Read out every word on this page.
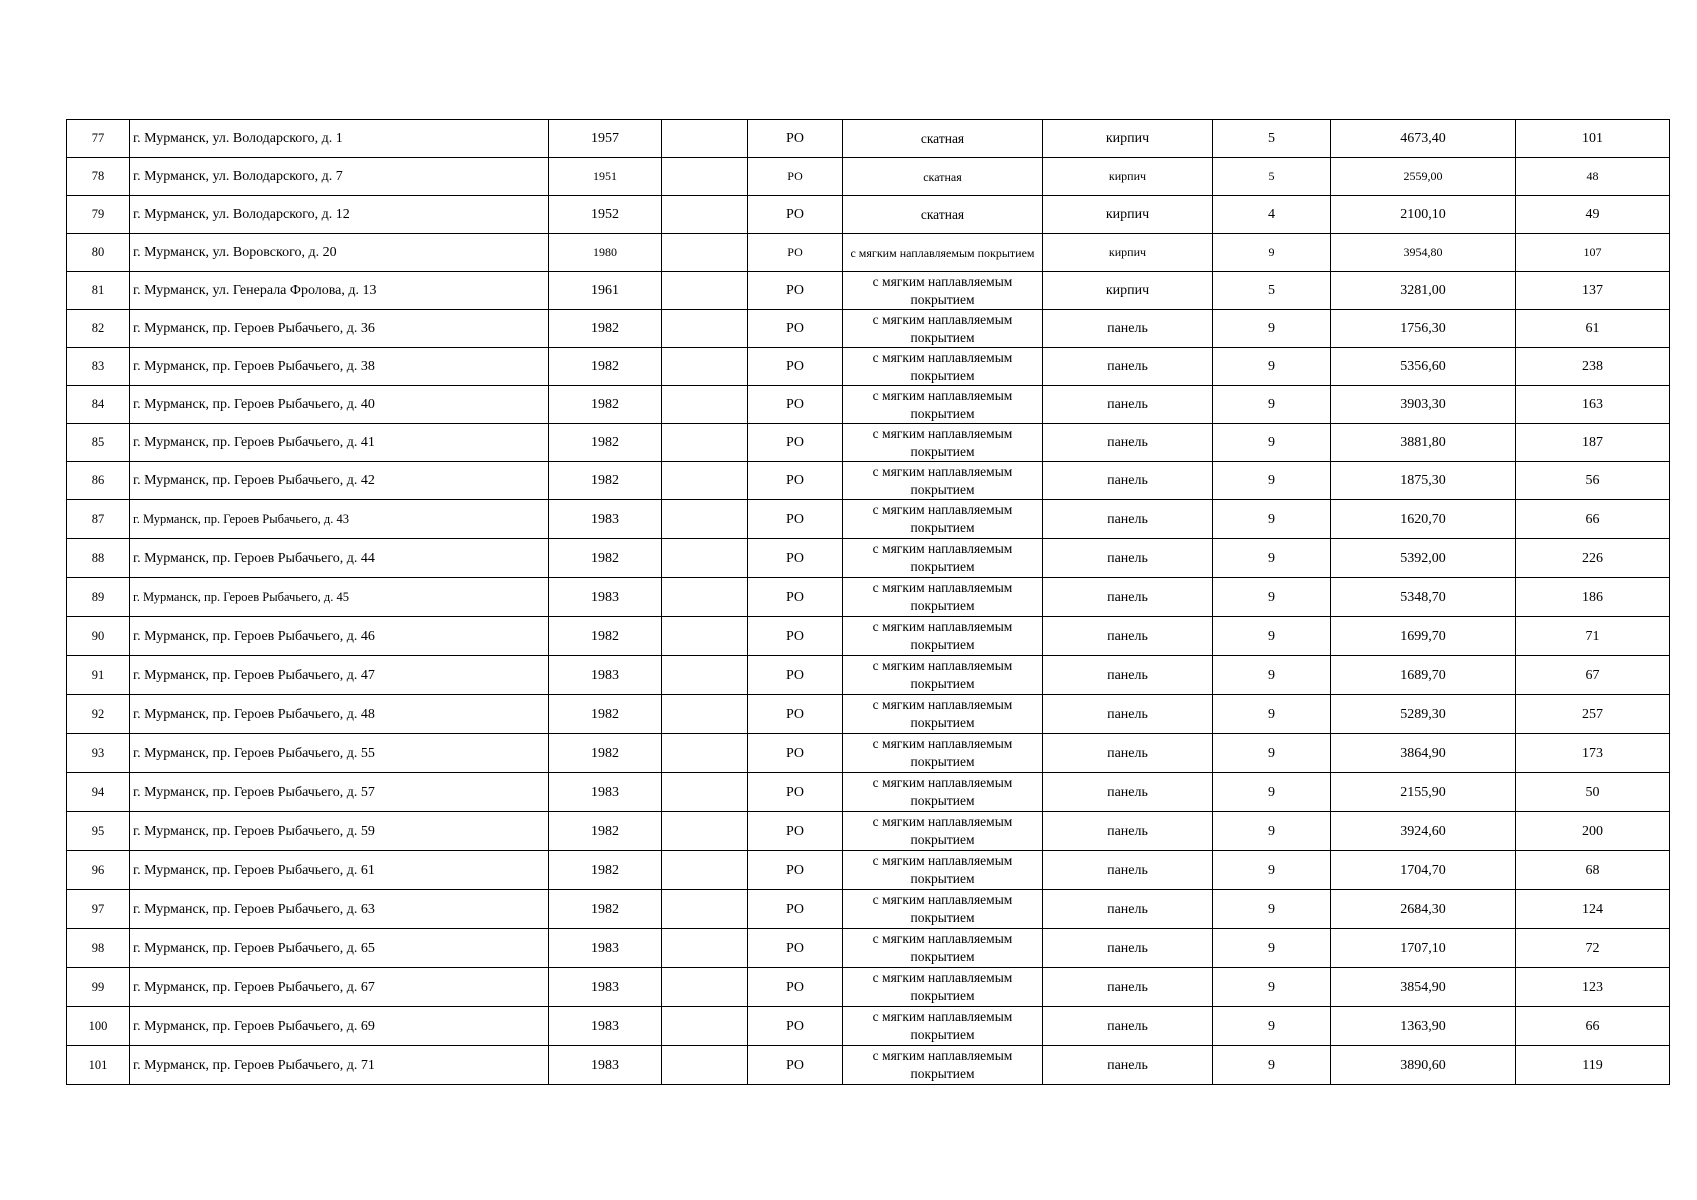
77	г. Мурманск, ул. Володарского, д. 1	1957		РО	скатная	кирпич	5	4673,40	101
78	г. Мурманск, ул. Володарского, д. 7	1951		РО	скатная	кирпич	5	2559,00	48
79	г. Мурманск, ул. Володарского, д. 12	1952		РО	скатная	кирпич	4	2100,10	49
80	г. Мурманск, ул. Воровского, д. 20	1980		РО	с мягким наплавляемым покрытием	кирпич	9	3954,80	107
81	г. Мурманск, ул. Генерала Фролова, д. 13	1961		РО	с мягким наплавляемым покрытием	кирпич	5	3281,00	137
82	г. Мурманск, пр. Героев Рыбачьего, д. 36	1982		РО	с мягким наплавляемым покрытием	панель	9	1756,30	61
83	г. Мурманск, пр. Героев Рыбачьего, д. 38	1982		РО	с мягким наплавляемым покрытием	панель	9	5356,60	238
84	г. Мурманск, пр. Героев Рыбачьего, д. 40	1982		РО	с мягким наплавляемым покрытием	панель	9	3903,30	163
85	г. Мурманск, пр. Героев Рыбачьего, д. 41	1982		РО	с мягким наплавляемым покрытием	панель	9	3881,80	187
86	г. Мурманск, пр. Героев Рыбачьего, д. 42	1982		РО	с мягким наплавляемым покрытием	панель	9	1875,30	56
87	г. Мурманск, пр. Героев Рыбачьего, д. 43	1983		РО	с мягким наплавляемым покрытием	панель	9	1620,70	66
88	г. Мурманск, пр. Героев Рыбачьего, д. 44	1982		РО	с мягким наплавляемым покрытием	панель	9	5392,00	226
89	г. Мурманск, пр. Героев Рыбачьего, д. 45	1983		РО	с мягким наплавляемым покрытием	панель	9	5348,70	186
90	г. Мурманск, пр. Героев Рыбачьего, д. 46	1982		РО	с мягким наплавляемым покрытием	панель	9	1699,70	71
91	г. Мурманск, пр. Героев Рыбачьего, д. 47	1983		РО	с мягким наплавляемым покрытием	панель	9	1689,70	67
92	г. Мурманск, пр. Героев Рыбачьего, д. 48	1982		РО	с мягким наплавляемым покрытием	панель	9	5289,30	257
93	г. Мурманск, пр. Героев Рыбачьего, д. 55	1982		РО	с мягким наплавляемым покрытием	панель	9	3864,90	173
94	г. Мурманск, пр. Героев Рыбачьего, д. 57	1983		РО	с мягким наплавляемым покрытием	панель	9	2155,90	50
95	г. Мурманск, пр. Героев Рыбачьего, д. 59	1982		РО	с мягким наплавляемым покрытием	панель	9	3924,60	200
96	г. Мурманск, пр. Героев Рыбачьего, д. 61	1982		РО	с мягким наплавляемым покрытием	панель	9	1704,70	68
97	г. Мурманск, пр. Героев Рыбачьего, д. 63	1982		РО	с мягким наплавляемым покрытием	панель	9	2684,30	124
98	г. Мурманск, пр. Героев Рыбачьего, д. 65	1983		РО	с мягким наплавляемым покрытием	панель	9	1707,10	72
99	г. Мурманск, пр. Героев Рыбачьего, д. 67	1983		РО	с мягким наплавляемым покрытием	панель	9	3854,90	123
100	г. Мурманск, пр. Героев Рыбачьего, д. 69	1983		РО	с мягким наплавляемым покрытием	панель	9	1363,90	66
101	г. Мурманск, пр. Героев Рыбачьего, д. 71	1983		РО	с мягким наплавляемым покрытием	панель	9	3890,60	119
